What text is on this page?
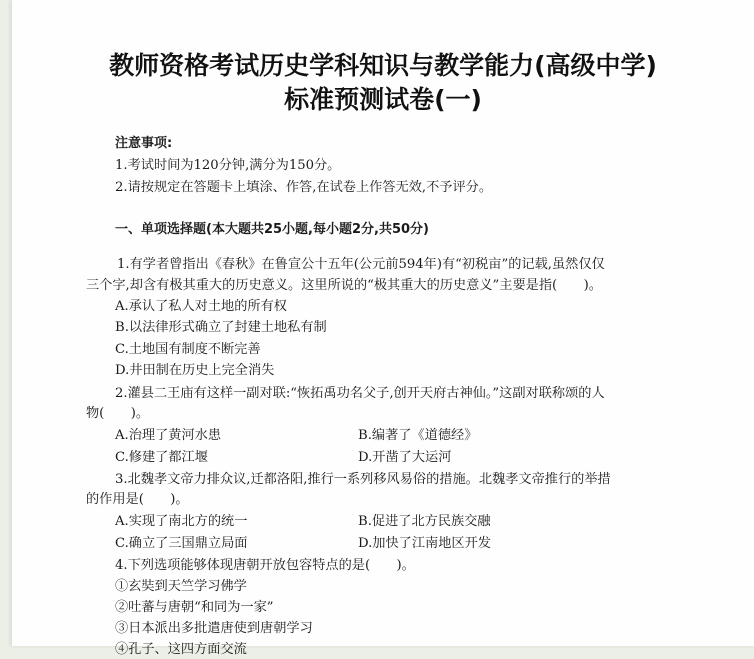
教师资格考试历史学科知识与教学能力(高级中学)
标准预测试卷(一)
注意事项:
1.考试时间为120分钟,满分为150分。
2.请按规定在答题卡上填涂、作答,在试卷上作答无效,不予评分。
一、单项选择题(本大题共25小题,每小题2分,共50分)
1.有学者曾指出《春秋》在鲁宣公十五年(公元前594年)有“初税亩”的记载,虽然仅仅
三个字,却含有极其重大的历史意义。这里所说的“极其重大的历史意义”主要是指(　　)。
A.承认了私人对土地的所有权
B.以法律形式确立了封建土地私有制
C.土地国有制度不断完善
D.井田制在历史上完全消失
2.灌县二王庙有这样一副对联:“恢拓禹功名父子,创开天府古神仙。”这副对联称颂的人
物(　　)。
A.治理了黄河水患	B.编著了《道德经》
C.修建了都江堰	D.开凿了大运河
3.北魏孝文帝力排众议,迁都洛阳,推行一系列移风易俗的措施。北魏孝文帝推行的举措
的作用是(　　)。
A.实现了南北方的统一	B.促进了北方民族交融
C.确立了三国鼎立局面	D.加快了江南地区开发
4.下列选项能够体现唐朝开放包容特点的是(　　)。
①玄奘到天竺学习佛学
②吐蕃与唐朝“和同为一家”
③日本派出多批遣唐使到唐朝学习
④孔子、这四方面交流
